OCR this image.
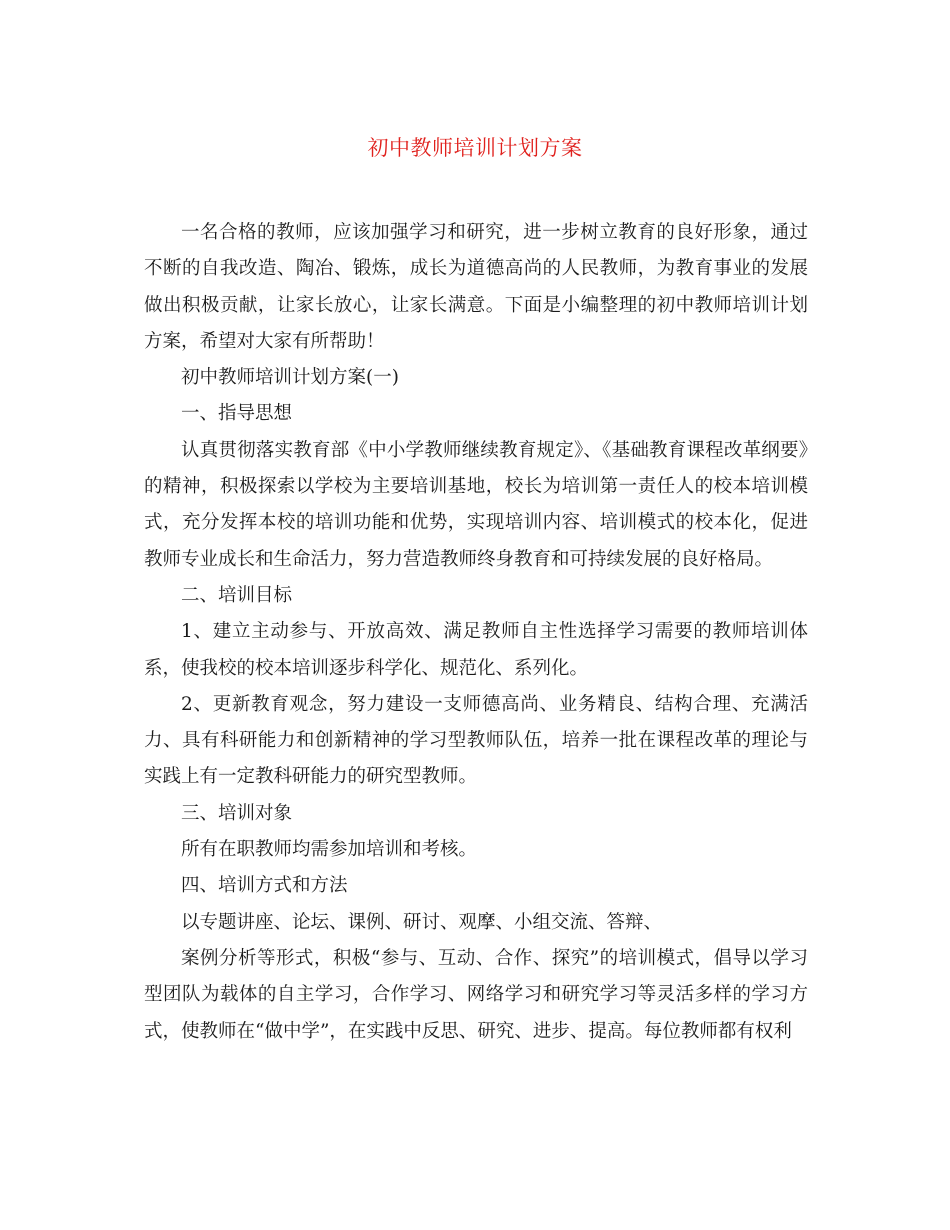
初中教师培训计划方案

一名合格的教师，应该加强学习和研究，进一步树立教育的良好形象，通过不断的自我改造、陶冶、锻炼，成长为道德高尚的人民教师，为教育事业的发展做出积极贡献，让家长放心，让家长满意。下面是小编整理的初中教师培训计划方案，希望对大家有所帮助！

初中教师培训计划方案(一)

一、指导思想

认真贯彻落实教育部《中小学教师继续教育规定》、《基础教育课程改革纲要》的精神，积极探索以学校为主要培训基地，校长为培训第一责任人的校本培训模式，充分发挥本校的培训功能和优势，实现培训内容、培训模式的校本化，促进教师专业成长和生命活力，努力营造教师终身教育和可持续发展的良好格局。

二、培训目标

1、建立主动参与、开放高效、满足教师自主性选择学习需要的教师培训体系，使我校的校本培训逐步科学化、规范化、系列化。

2、更新教育观念，努力建设一支师德高尚、业务精良、结构合理、充满活力、具有科研能力和创新精神的学习型教师队伍，培养一批在课程改革的理论与实践上有一定教科研能力的研究型教师。

三、培训对象

所有在职教师均需参加培训和考核。

四、培训方式和方法

以专题讲座、论坛、课例、研讨、观摩、小组交流、答辩、

案例分析等形式，积极“参与、互动、合作、探究”的培训模式，倡导以学习型团队为载体的自主学习，合作学习、网络学习和研究学习等灵活多样的学习方式，使教师在“做中学”，在实践中反思、研究、进步、提高。每位教师都有权利
